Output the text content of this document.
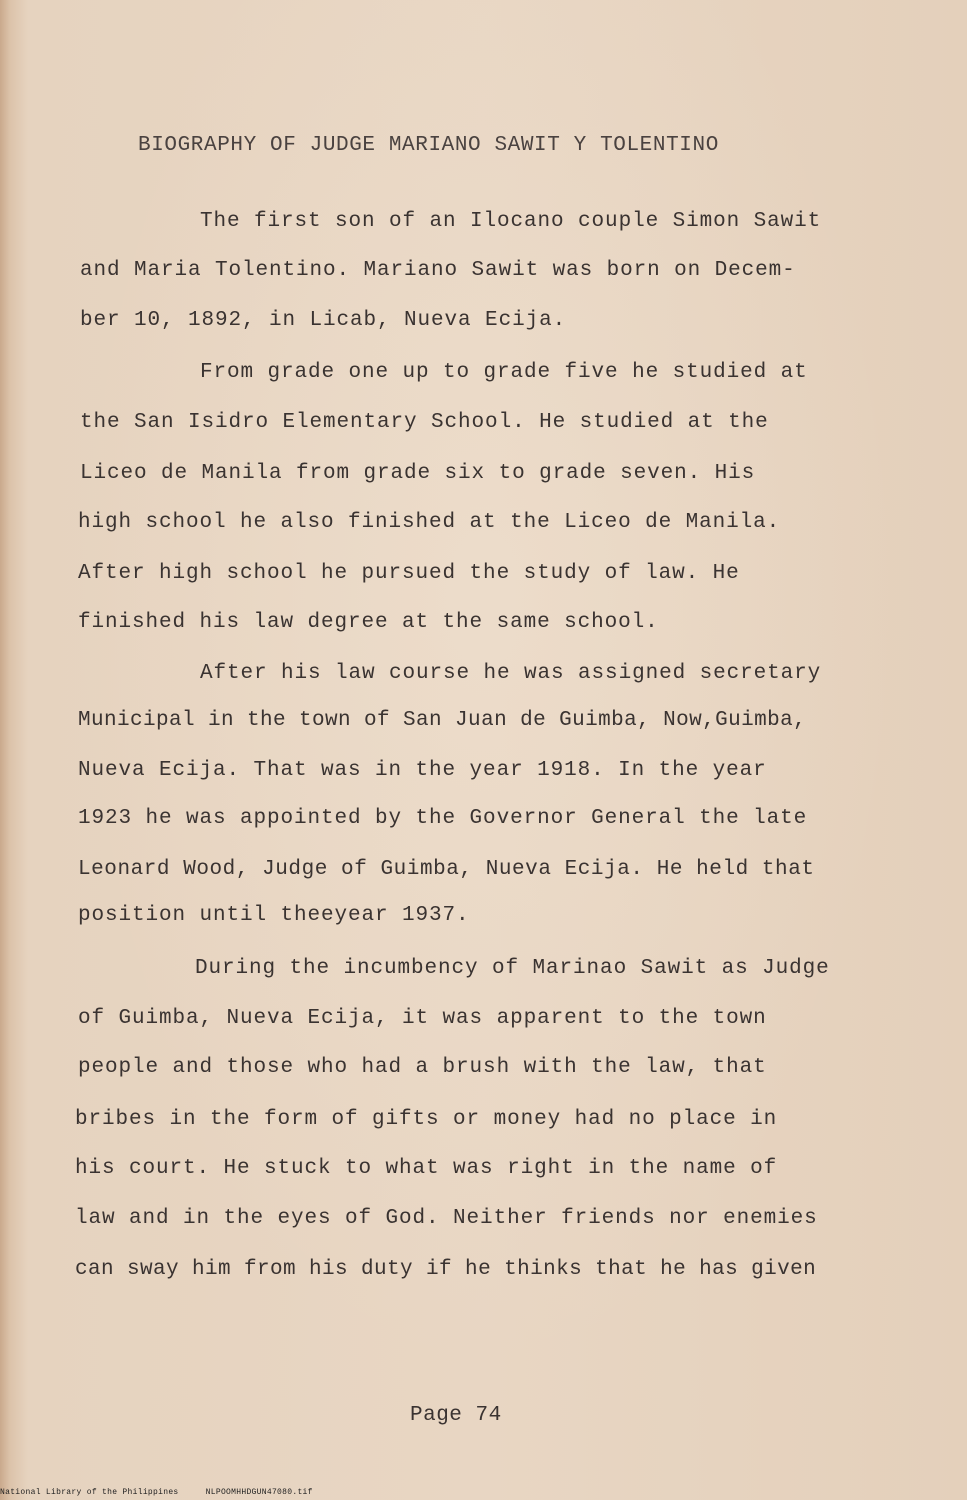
BIOGRAPHY OF JUDGE MARIANO SAWIT Y TOLENTINO
The first son of an Ilocano couple Simon Sawit
and Maria Tolentino. Mariano Sawit was born on Decem-
ber 10, 1892, in Licab, Nueva Ecija.
From grade one up to grade five he studied at
the San Isidro Elementary School. He studied at the
Liceo de Manila from grade six to grade seven. His
high school he also finished at the Liceo de Manila.
After high school he pursued the study of law. He
finished his law degree at the same school.
After his law course he was assigned secretary
Municipal in the town of San Juan de Guimba, Now,Guimba,
Nueva Ecija. That was in the year 1918. In the year
1923 he was appointed by the Governor General the late
Leonard Wood, Judge of Guimba, Nueva Ecija. He held that
position until theeyear 1937.
During the incumbency of Marinao Sawit as Judge
of Guimba, Nueva Ecija, it was apparent to the town
people and those who had a brush with the law, that
bribes in the form of gifts or money had no place in
his court. He stuck to what was right in the name of
law and in the eyes of God. Neither friends nor enemies
can sway him from his duty if he thinks that he has given
Page 74
National Library of the Philippines	NLPOOMHHDGUN47080.tif
